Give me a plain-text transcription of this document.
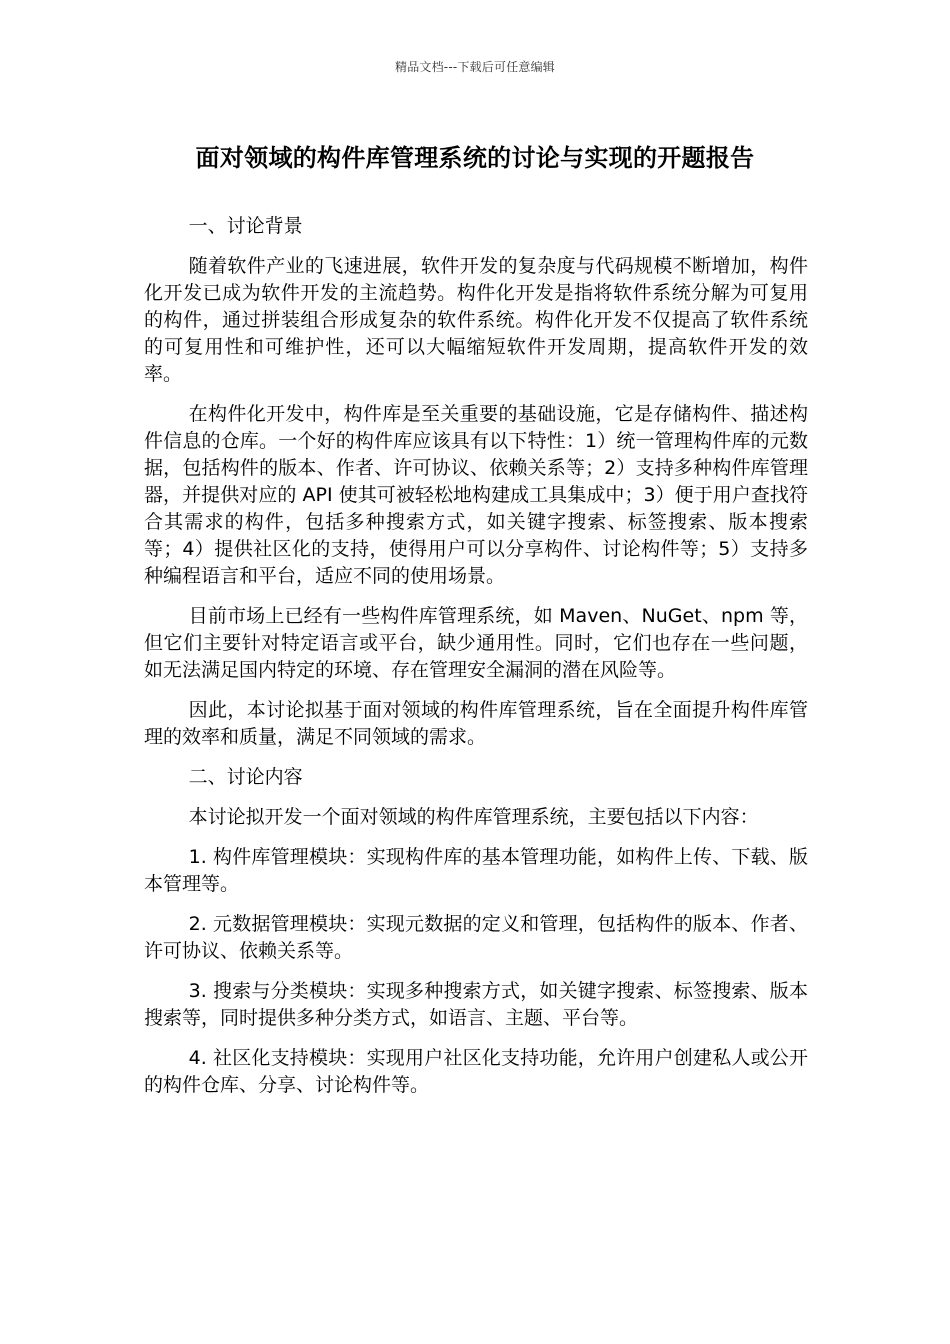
精品文档---下载后可任意编辑
面对领域的构件库管理系统的讨论与实现的开题报告

一、讨论背景

随着软件产业的飞速进展，软件开发的复杂度与代码规模不断增加，构件化开发已成为软件开发的主流趋势。构件化开发是指将软件系统分解为可复用的构件，通过拼装组合形成复杂的软件系统。构件化开发不仅提高了软件系统的可复用性和可维护性，还可以大幅缩短软件开发周期，提高软件开发的效率。

在构件化开发中，构件库是至关重要的基础设施，它是存储构件、描述构件信息的仓库。一个好的构件库应该具有以下特性：1）统一管理构件库的元数据，包括构件的版本、作者、许可协议、依赖关系等；2）支持多种构件库管理器，并提供对应的 API 使其可被轻松地构建成工具集成中；3）便于用户查找符合其需求的构件，包括多种搜索方式，如关键字搜索、标签搜索、版本搜索等；4）提供社区化的支持，使得用户可以分享构件、讨论构件等；5）支持多种编程语言和平台，适应不同的使用场景。

目前市场上已经有一些构件库管理系统，如 Maven、NuGet、npm 等，但它们主要针对特定语言或平台，缺少通用性。同时，它们也存在一些问题，如无法满足国内特定的环境、存在管理安全漏洞的潜在风险等。

因此，本讨论拟基于面对领域的构件库管理系统，旨在全面提升构件库管理的效率和质量，满足不同领域的需求。

二、讨论内容

本讨论拟开发一个面对领域的构件库管理系统，主要包括以下内容：

1. 构件库管理模块：实现构件库的基本管理功能，如构件上传、下载、版本管理等。

2. 元数据管理模块：实现元数据的定义和管理，包括构件的版本、作者、许可协议、依赖关系等。

3. 搜索与分类模块：实现多种搜索方式，如关键字搜索、标签搜索、版本搜索等，同时提供多种分类方式，如语言、主题、平台等。

4. 社区化支持模块：实现用户社区化支持功能，允许用户创建私人或公开的构件仓库、分享、讨论构件等。
